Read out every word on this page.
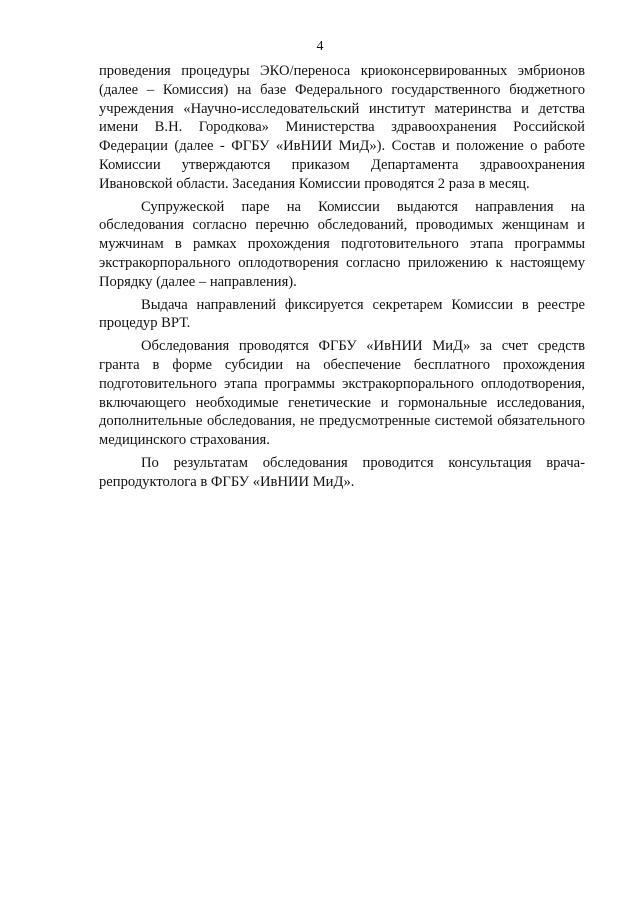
4

проведения процедуры ЭКО/переноса криоконсервированных эмбрионов (далее – Комиссия) на базе Федерального государственного бюджетного учреждения «Научно-исследовательский институт материнства и детства имени В.Н. Городкова» Министерства здравоохранения Российской Федерации (далее - ФГБУ «ИвНИИ МиД»). Состав и положение о работе Комиссии утверждаются приказом Департамента здравоохранения Ивановской области. Заседания Комиссии проводятся 2 раза в месяц.

Супружеской паре на Комиссии выдаются направления на обследования согласно перечню обследований, проводимых женщинам и мужчинам в рамках прохождения подготовительного этапа программы экстракорпорального оплодотворения согласно приложению к настоящему Порядку (далее – направления).

Выдача направлений фиксируется секретарем Комиссии в реестре процедур ВРТ.

Обследования проводятся ФГБУ «ИвНИИ МиД» за счет средств гранта в форме субсидии на обеспечение бесплатного прохождения подготовительного этапа программы экстракорпорального оплодотворения, включающего необходимые генетические и гормональные исследования, дополнительные обследования, не предусмотренные системой обязательного медицинского страхования.

По результатам обследования проводится консультация врача-репродуктолога в ФГБУ «ИвНИИ МиД».
